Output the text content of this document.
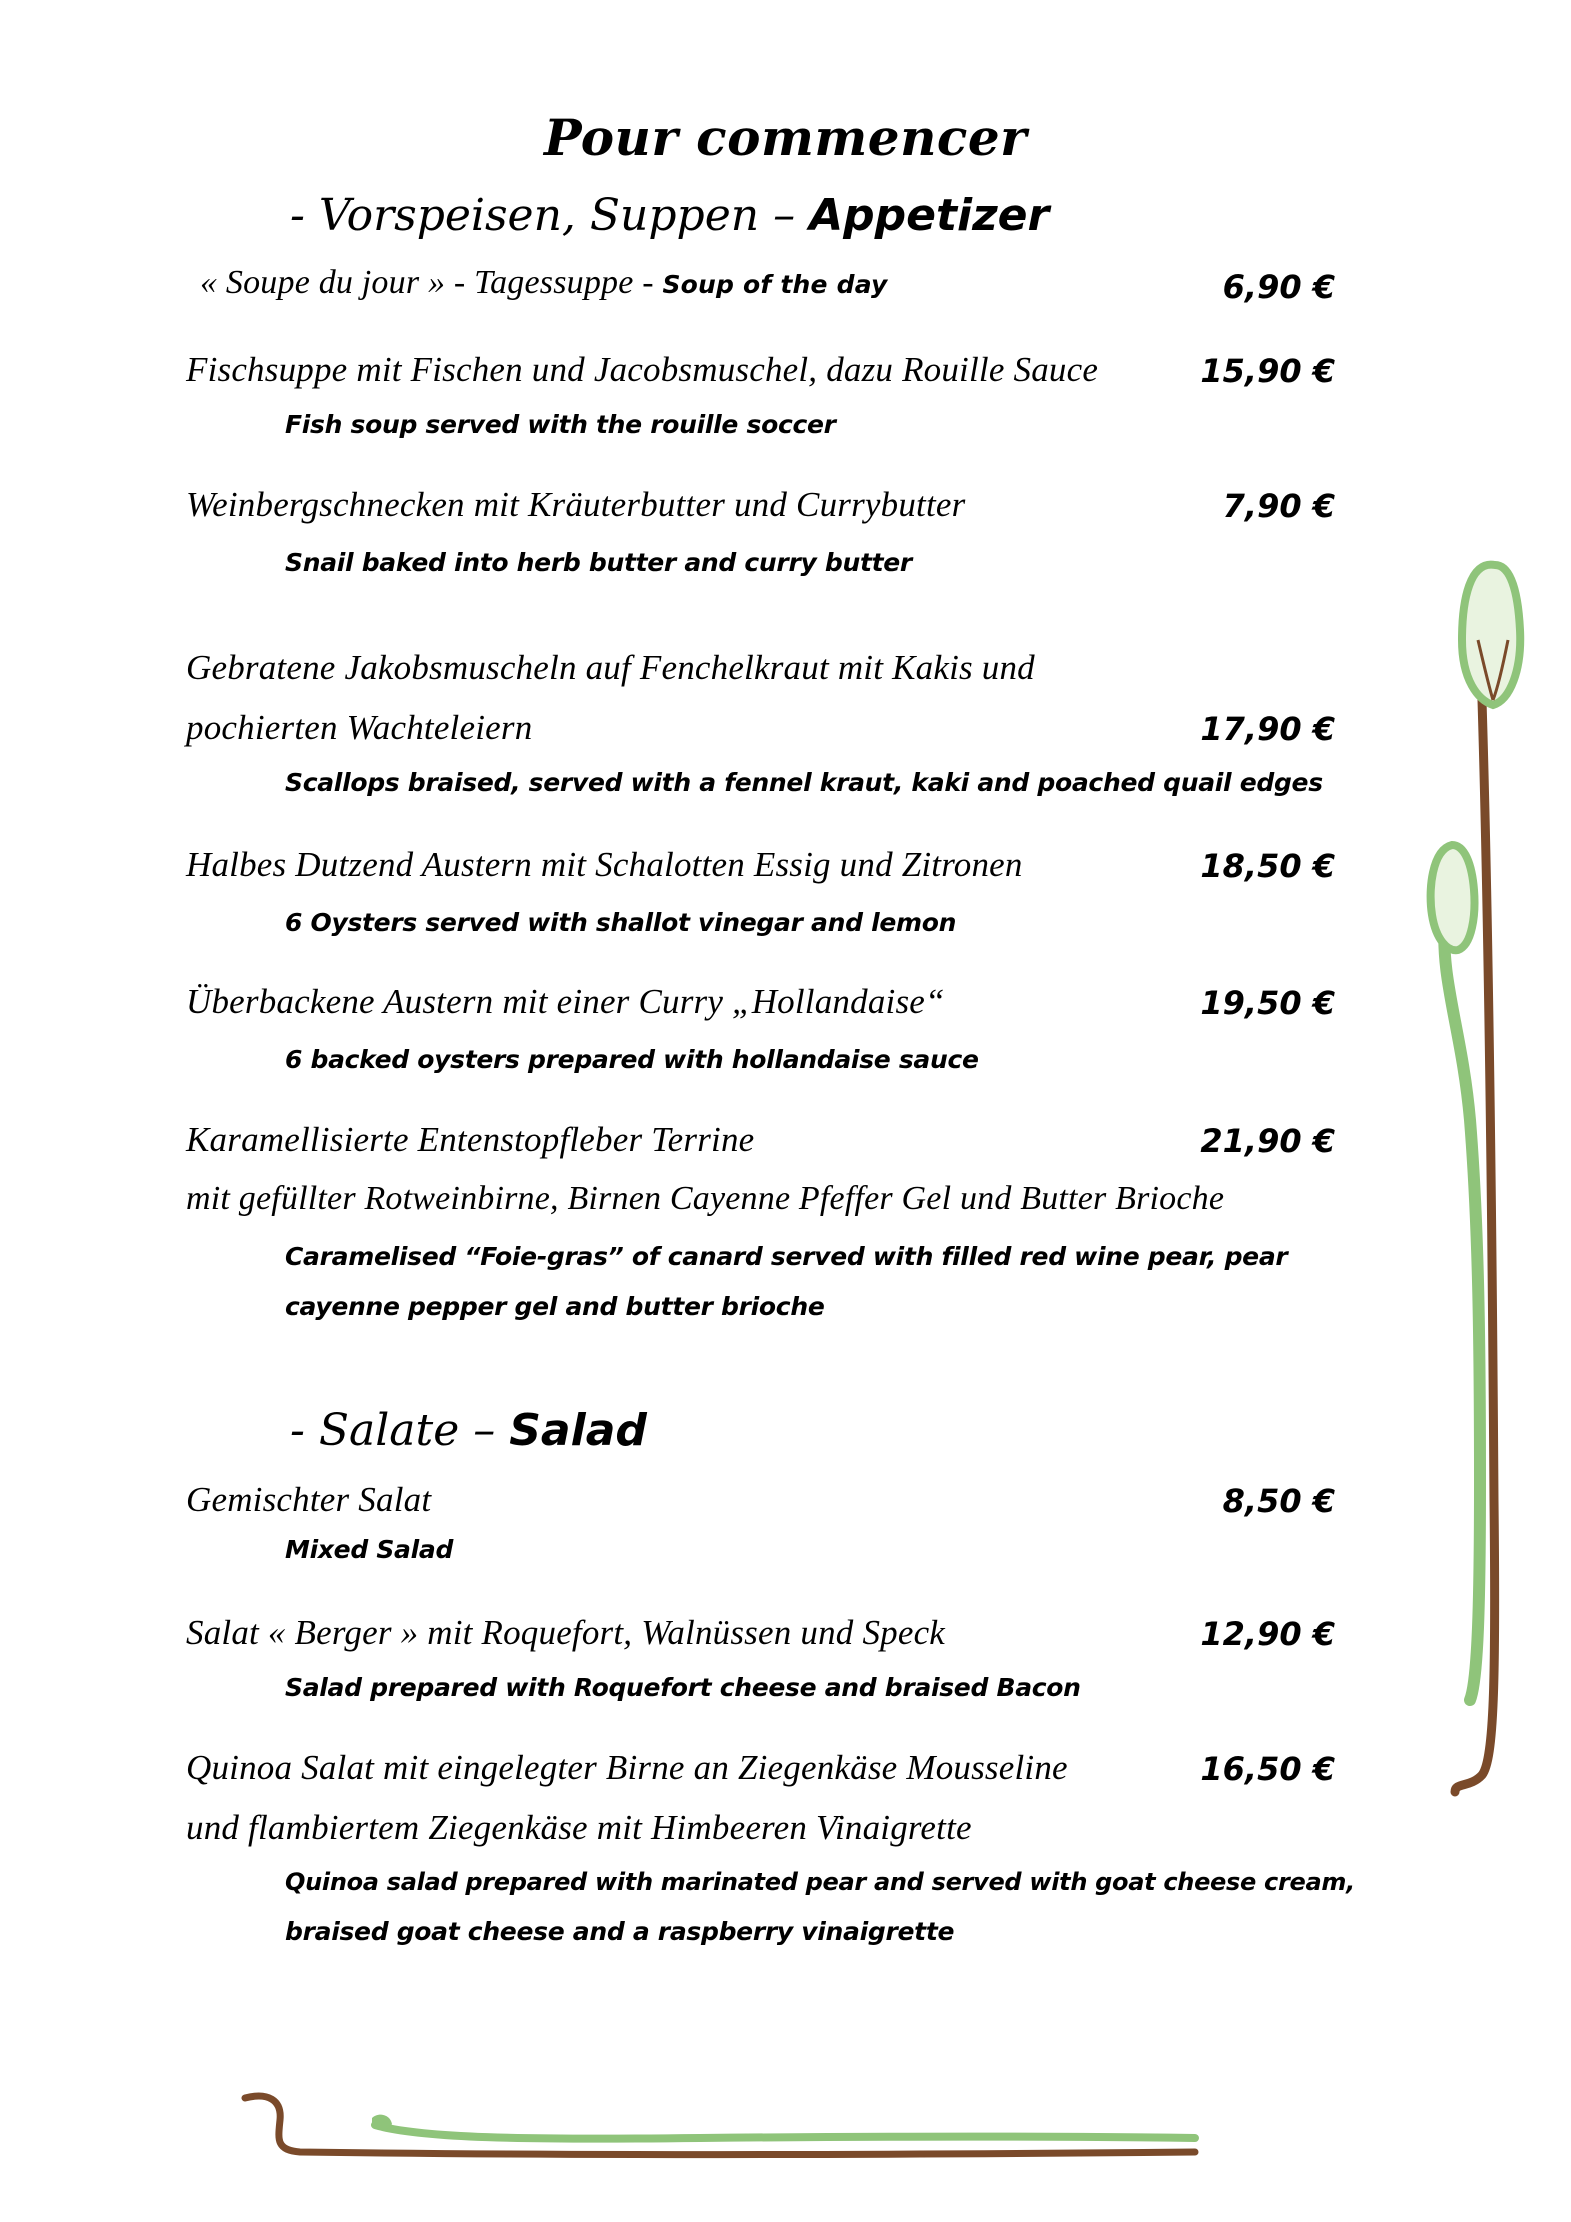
Pour commencer
- Vorspeisen, Suppen – Appetizer
« Soupe du jour » - Tagessuppe - Soup of the day	6,90 €
Fischsuppe mit Fischen und Jacobsmuschel, dazu Rouille Sauce	15,90 €
Fish soup served with the rouille soccer
Weinbergschnecken mit Kräuterbutter und Currybutter	7,90 €
Snail baked into herb butter and curry butter
Gebratene Jakobsmuscheln auf Fenchelkraut mit Kakis und
pochierten Wachteleiern	17,90 €
Scallops braised, served with a fennel kraut, kaki and poached quail edges
Halbes Dutzend Austern mit Schalotten Essig und Zitronen	18,50 €
6 Oysters served with shallot vinegar and lemon
Überbackene Austern mit einer Curry „Hollandaise“	19,50 €
6 backed oysters prepared with hollandaise sauce
Karamellisierte Entenstopfleber Terrine	21,90 €
mit gefüllter Rotweinbirne, Birnen Cayenne Pfeffer Gel und Butter Brioche
Caramelised “Foie-gras” of canard served with filled red wine pear, pear
cayenne pepper gel and butter brioche
- Salate – Salad
Gemischter Salat	8,50 €
Mixed Salad
Salat « Berger » mit Roquefort, Walnüssen und Speck	12,90 €
Salad prepared with Roquefort cheese and braised Bacon
Quinoa Salat mit eingelegter Birne an Ziegenkäse Mousseline	16,50 €
und flambiertem Ziegenkäse mit Himbeeren Vinaigrette
Quinoa salad prepared with marinated pear and served with goat cheese cream,
braised goat cheese and a raspberry vinaigrette
